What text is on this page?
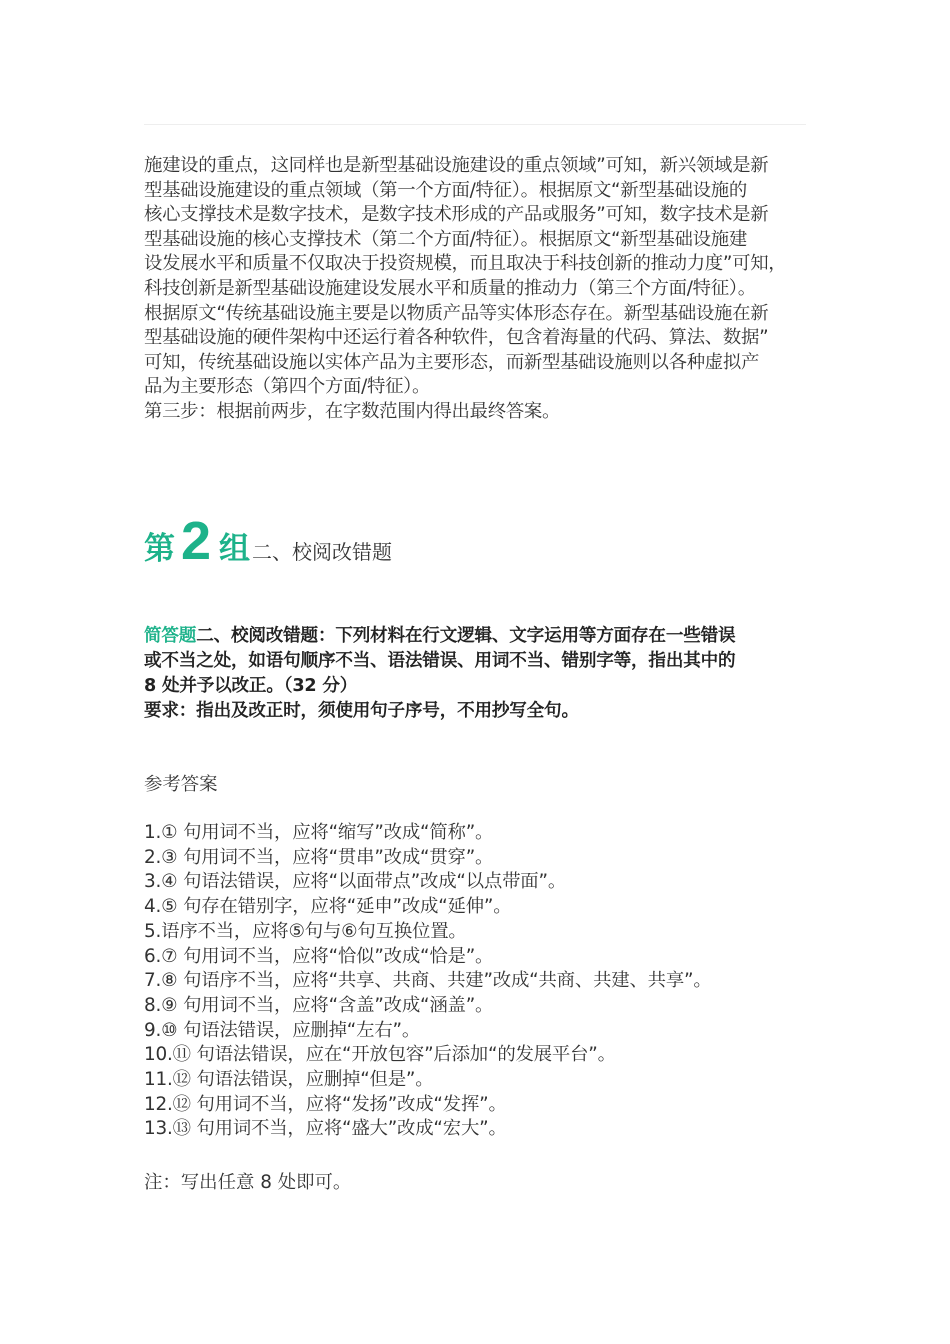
施建设的重点，这同样也是新型基础设施建设的重点领域”可知，新兴领域是新
型基础设施建设的重点领域（第一个方面/特征）。根据原文“新型基础设施的
核心支撑技术是数字技术，是数字技术形成的产品或服务”可知，数字技术是新
型基础设施的核心支撑技术（第二个方面/特征）。根据原文“新型基础设施建
设发展水平和质量不仅取决于投资规模，而且取决于科技创新的推动力度”可知，
科技创新是新型基础设施建设发展水平和质量的推动力（第三个方面/特征）。
根据原文“传统基础设施主要是以物质产品等实体形态存在。新型基础设施在新
型基础设施的硬件架构中还运行着各种软件，包含着海量的代码、算法、数据”
可知，传统基础设施以实体产品为主要形态，而新型基础设施则以各种虚拟产
品为主要形态（第四个方面/特征）。
第三步：根据前两步，在字数范围内得出最终答案。
第 2 组 二、校阅改错题
简答题二、校阅改错题：下列材料在行文逻辑、文字运用等方面存在一些错误
或不当之处，如语句顺序不当、语法错误、用词不当、错别字等，指出其中的
8 处并予以改正。（32 分）
要求：指出及改正时，须使用句子序号，不用抄写全句。
参考答案
1.① 句用词不当，应将“缩写”改成“简称”。
2.③ 句用词不当，应将“贯串”改成“贯穿”。
3.④ 句语法错误，应将“以面带点”改成“以点带面”。
4.⑤ 句存在错别字，应将“延申”改成“延伸”。
5.语序不当，应将⑤句与⑥句互换位置。
6.⑦ 句用词不当，应将“恰似”改成“恰是”。
7.⑧ 句语序不当，应将“共享、共商、共建”改成“共商、共建、共享”。
8.⑨ 句用词不当，应将“含盖”改成“涵盖”。
9.⑩ 句语法错误，应删掉“左右”。
10.⑪ 句语法错误，应在“开放包容”后添加“的发展平台”。
11.⑫ 句语法错误，应删掉“但是”。
12.⑫ 句用词不当，应将“发扬”改成“发挥”。
13.⑬ 句用词不当，应将“盛大”改成“宏大”。
注：写出任意 8 处即可。
